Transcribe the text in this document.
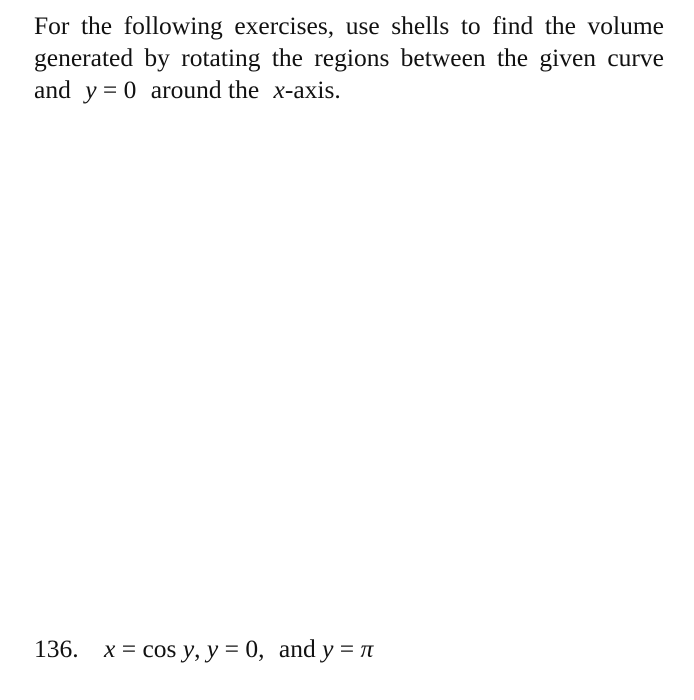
For the following exercises, use shells to find the volume
generated by rotating the regions between the given curve
and y = 0 around the x-axis.
136. x = cos y, y = 0, and y = π
